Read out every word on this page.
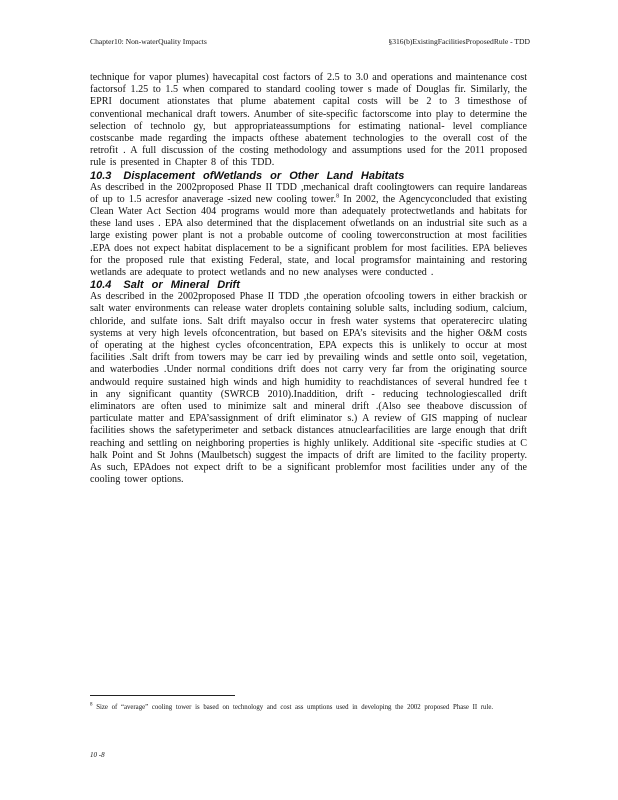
Chapter10: Non-waterQuality Impacts	§316(b)ExistingFacilitiesProposedRule - TDD

technique for vapor plumes) havecapital cost factors of 2.5 to 3.0 and operations and maintenance cost factorsof 1.25 to 1.5 when compared to standard cooling tower s made of Douglas fir. Similarly, the EPRI document ationstates that plume abatement capital costs will be 2 to 3 timesthose of conventional mechanical draft towers. Anumber of site-specific factorscome into play to determine the selection of technolo gy, but appropriateassumptions for estimating national- level compliance costscanbe made regarding the impacts ofthese abatement technologies to the overall cost of the retrofit . A full discussion of the costing methodology and assumptions used for the 2011 proposed rule is presented in Chapter 8 of this TDD.

10.3 Displacement ofWetlands or Other Land Habitats

As described in the 2002proposed Phase II TDD ,mechanical draft coolingtowers can require landareas of up to 1.5 acresfor anaverage -sized new cooling tower.$^8$ In 2002, the Agencyconcluded that existing Clean Water Act Section 404 programs would more than adequately protectwetlands and habitats for these land uses . EPA also determined that the displacement ofwetlands on an industrial site such as a large existing power plant is not a probable outcome of cooling towerconstruction at most facilities .EPA does not expect habitat displacement to be a significant problem for most facilities. EPA believes for the proposed rule that existing Federal, state, and local programsfor maintaining and restoring wetlands are adequate to protect wetlands and no new analyses were conducted .

10.4 Salt or Mineral Drift

As described in the 2002proposed Phase II TDD ,the operation ofcooling towers in either brackish or salt water environments can release water droplets containing soluble salts, including sodium, calcium, chloride, and sulfate ions. Salt drift mayalso occur in fresh water systems that operaterecirc ulating systems at very high levels ofconcentration, but based on EPA’s sitevisits and the higher O&M costs of operating at the highest cycles ofconcentration, EPA expects this is unlikely to occur at most facilities .Salt drift from towers may be carr ied by prevailing winds and settle onto soil, vegetation, and waterbodies .Under normal conditions drift does not carry very far from the originating source andwould require sustained high winds and high humidity to reachdistances of several hundred fee t in any significant quantity (SWRCB 2010).Inaddition, drift - reducing technologiescalled drift eliminators are often used to minimize salt and mineral drift .(Also see theabove discussion of particulate matter and EPA’sassignment of drift eliminator s.) A review of GIS mapping of nuclear facilities shows the safetyperimeter and setback distances atnuclearfacilities are large enough that drift reaching and settling on neighboring properties is highly unlikely. Additional site -specific studies at C halk Point and St Johns (Maulbetsch) suggest the impacts of drift are limited to the facility property. As such, EPAdoes not expect drift to be a significant problemfor most facilities under any of the cooling tower options.

$^8$ Size of “average” cooling tower is based on technology and cost ass umptions used in developing the 2002 proposed Phase II rule.
10 -8
